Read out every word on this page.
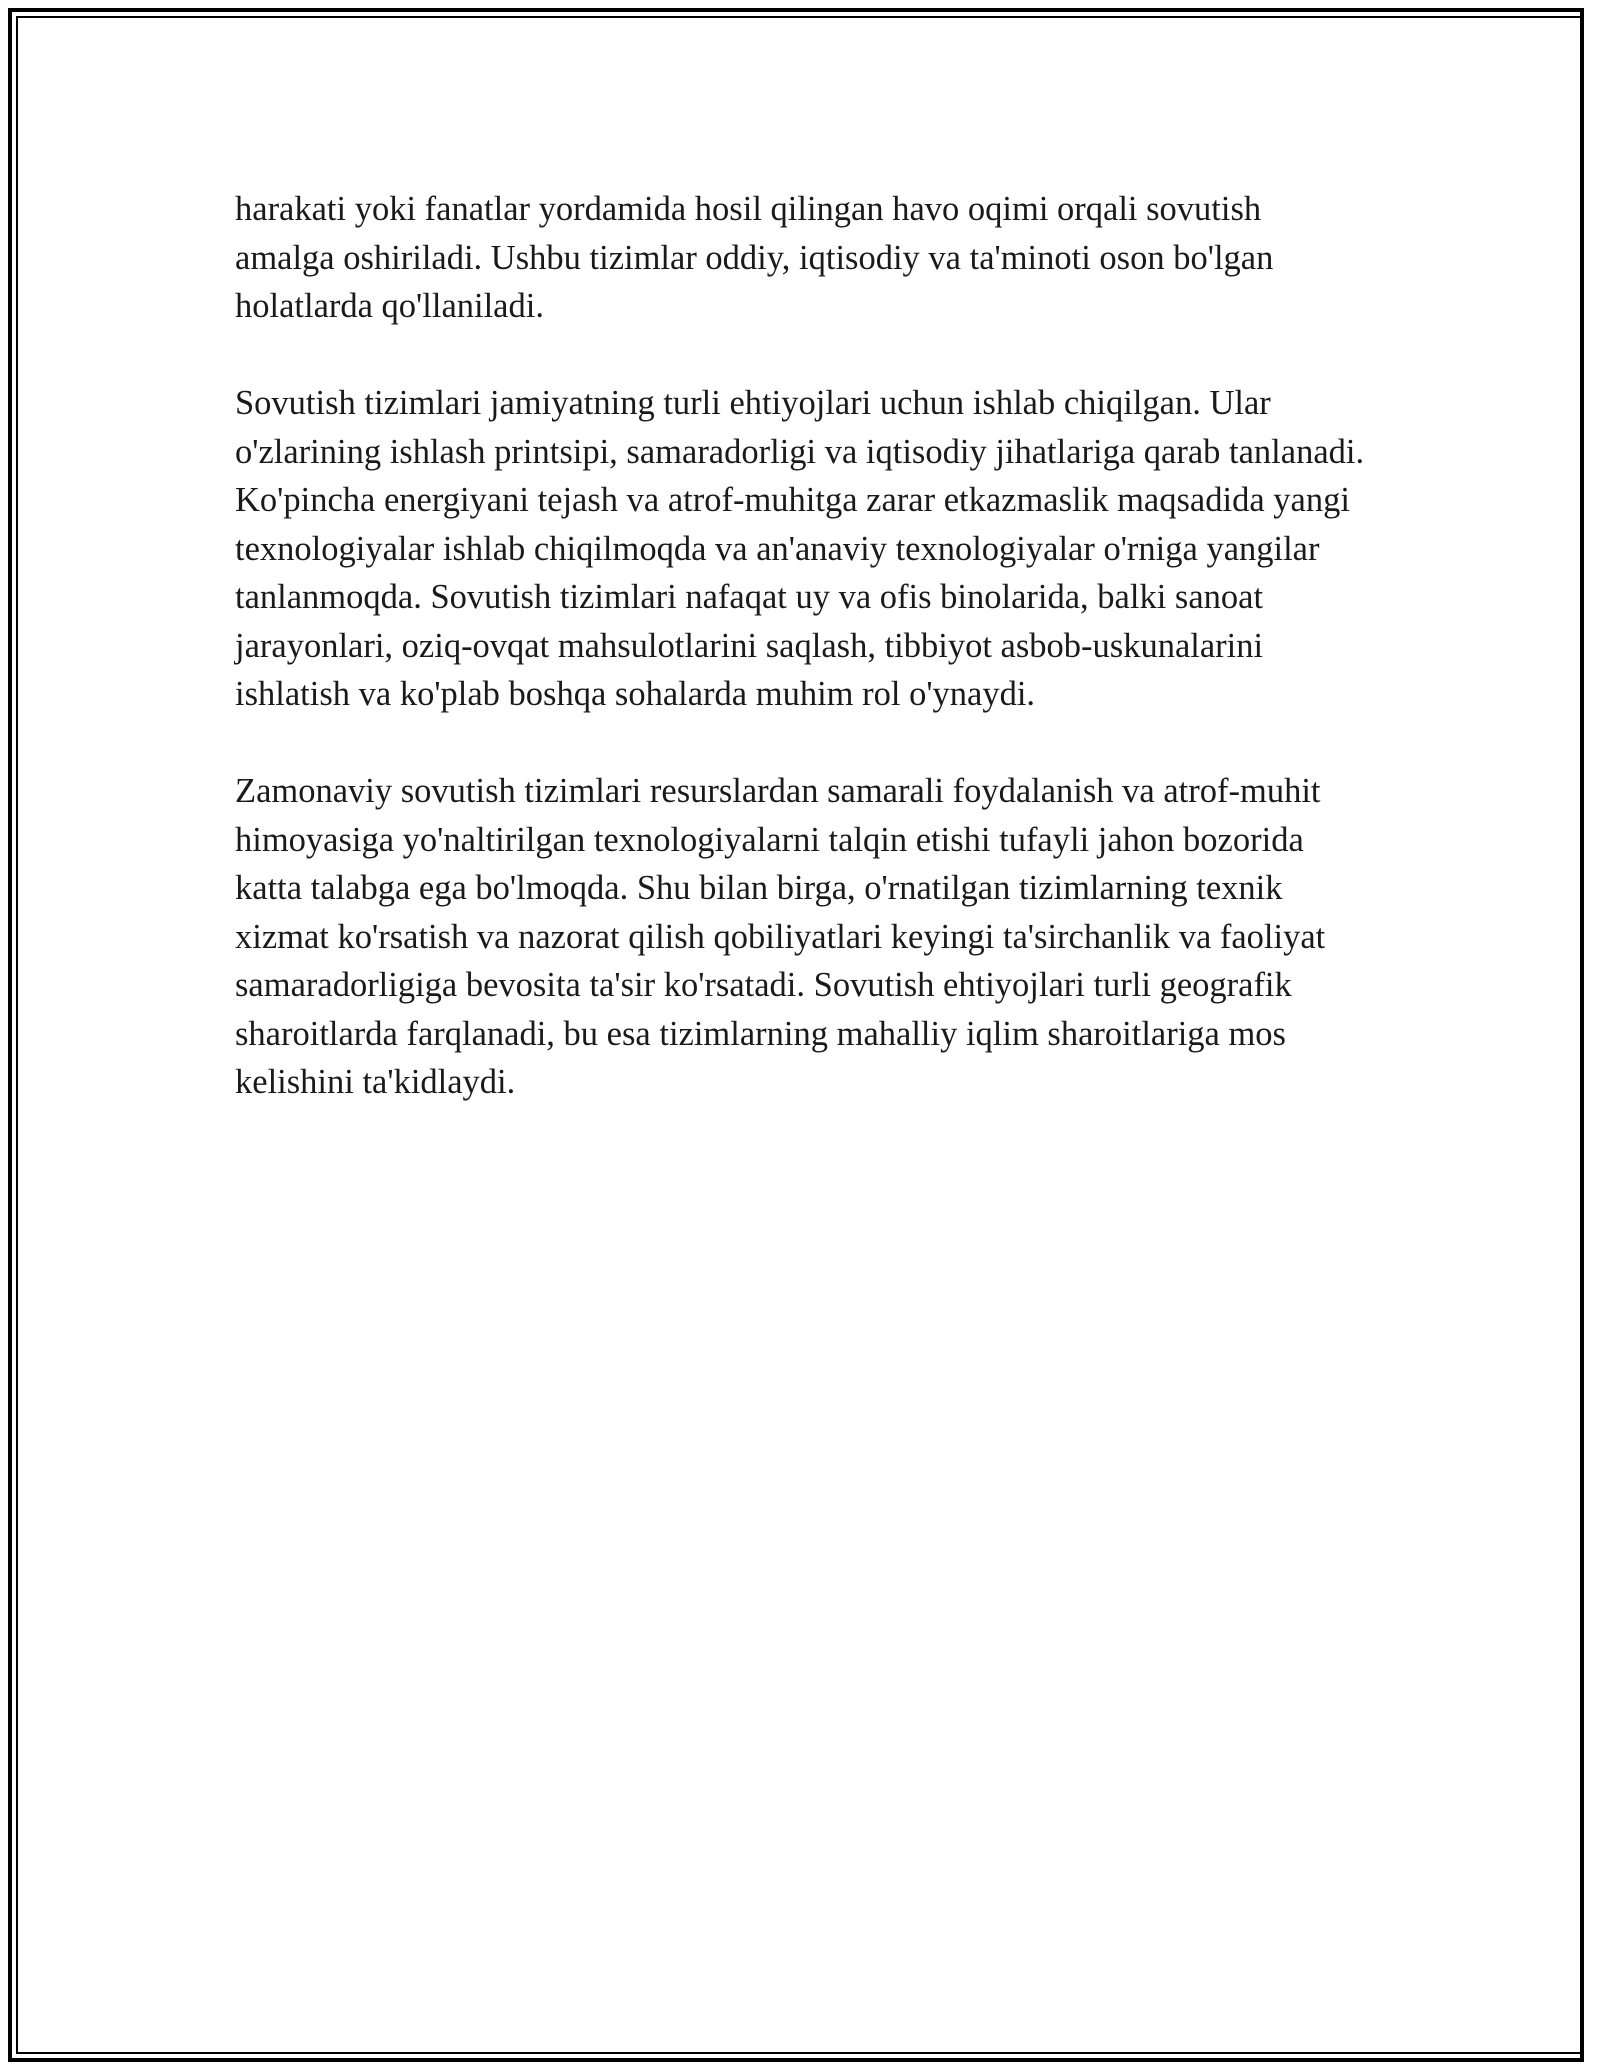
harakati yoki fanatlar yordamida hosil qilingan havo oqimi orqali sovutish amalga oshiriladi. Ushbu tizimlar oddiy, iqtisodiy va ta'minoti oson bo'lgan holatlarda qo'llaniladi.

Sovutish tizimlari jamiyatning turli ehtiyojlari uchun ishlab chiqilgan. Ular o'zlarining ishlash printsipi, samaradorligi va iqtisodiy jihatlariga qarab tanlanadi. Ko'pincha energiyani tejash va atrof-muhitga zarar etkazmaslik maqsadida yangi texnologiyalar ishlab chiqilmoqda va an'anaviy texnologiyalar o'rniga yangilar tanlanmoqda. Sovutish tizimlari nafaqat uy va ofis binolarida, balki sanoat jarayonlari, oziq-ovqat mahsulotlarini saqlash, tibbiyot asbob-uskunalarini ishlatish va ko'plab boshqa sohalarda muhim rol o'ynaydi.

Zamonaviy sovutish tizimlari resurslardan samarali foydalanish va atrof-muhit himoyasiga yo'naltirilgan texnologiyalarni talqin etishi tufayli jahon bozorida katta talabga ega bo'lmoqda. Shu bilan birga, o'rnatilgan tizimlarning texnik xizmat ko'rsatish va nazorat qilish qobiliyatlari keyingi ta'sirchanlik va faoliyat samaradorligiga bevosita ta'sir ko'rsatadi. Sovutish ehtiyojlari turli geografik sharoitlarda farqlanadi, bu esa tizimlarning mahalliy iqlim sharoitlariga mos kelishini ta'kidlaydi.
